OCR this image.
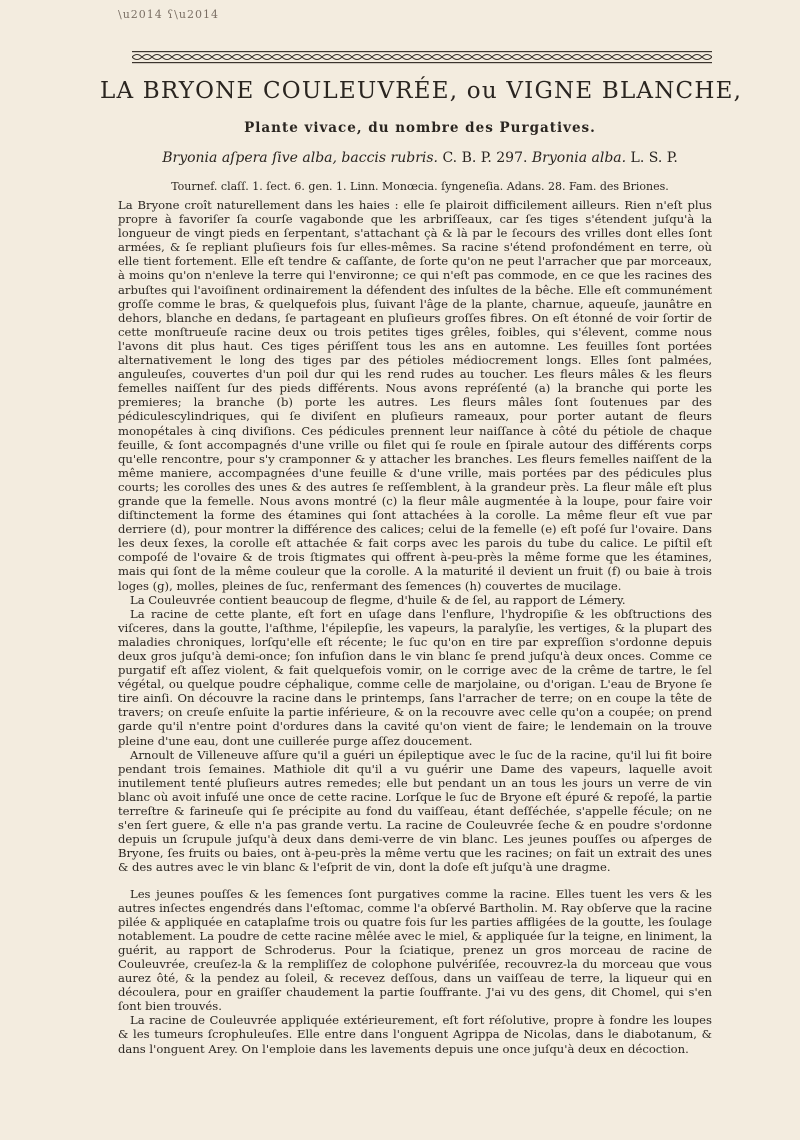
\u2014 ʕ\u2014
LA BRYONE COULEUVRÉE, ou VIGNE BLANCHE,
Plante vivace, du nombre des Purgatives.
Bryonia aſpera ſive alba, baccis rubris. C. B. P. 297. Bryonia alba. L. S. P.
Tournef. claſſ. 1. ſect. 6. gen. 1. Linn. Monœcia. ſyngeneſia. Adans. 28. Fam. des Briones.

La Bryone croît naturellement dans les haies : elle ſe plairoit difficilement ailleurs. Rien n'eſt plus propre à favoriſer ſa courſe vagabonde que les arbriſſeaux, car ſes tiges s'étendent juſqu'à la longueur de vingt pieds en ſerpentant, s'attachant çà & là par le ſecours des vrilles dont elles ſont armées, & ſe repliant pluſieurs fois ſur elles-mêmes. Sa racine s'étend profondément en terre, où elle tient fortement. Elle eſt tendre & caſſante, de ſorte qu'on ne peut l'arracher que par morceaux, à moins qu'on n'enleve la terre qui l'environne; ce qui n'eſt pas commode, en ce que les racines des arbuſtes qui l'avoiſinent ordinairement la défendent des inſultes de la bêche. Elle eſt communément groſſe comme le bras, & quelquefois plus, ſuivant l'âge de la plante, charnue, aqueuſe, jaunâtre en dehors, blanche en dedans, ſe partageant en pluſieurs groſſes fibres. On eſt étonné de voir ſortir de cette monſtrueuſe racine deux ou trois petites tiges grêles, foibles, qui s'élevent, comme nous l'avons dit plus haut. Ces tiges périſſent tous les ans en automne. Les feuilles ſont portées alternativement le long des tiges par des pétioles médiocrement longs. Elles ſont palmées, anguleuſes, couvertes d'un poil dur qui les rend rudes au toucher. Les fleurs mâles & les fleurs femelles naiſſent ſur des pieds différents. Nous avons repréſenté (a) la branche qui porte les premieres; la branche (b) porte les autres. Les fleurs mâles ſont ſoutenues par des pédiculescylindriques, qui ſe diviſent en pluſieurs rameaux, pour porter autant de fleurs monopétales à cinq diviſions. Ces pédicules prennent leur naiſſance à côté du pétiole de chaque feuille, & ſont accompagnés d'une vrille ou filet qui ſe roule en ſpirale autour des différents corps qu'elle rencontre, pour s'y cramponner & y attacher les branches. Les fleurs femelles naiſſent de la même maniere, accompagnées d'une feuille & d'une vrille, mais portées par des pédicules plus courts; les corolles des unes & des autres ſe reſſemblent, à la grandeur près. La fleur mâle eſt plus grande que la femelle. Nous avons montré (c) la fleur mâle augmentée à la loupe, pour faire voir diſtinctement la forme des étamines qui ſont attachées à la corolle. La même fleur eſt vue par derriere (d), pour montrer la différence des calices; celui de la femelle (e) eſt poſé ſur l'ovaire. Dans les deux ſexes, la corolle eſt attachée & fait corps avec les parois du tube du calice. Le piſtil eſt compoſé de l'ovaire & de trois ſtigmates qui offrent à-peu-près la même forme que les étamines, mais qui ſont de la même couleur que la corolle. A la maturité il devient un fruit (f) ou baie à trois loges (g), molles, pleines de ſuc, renfermant des ſemences (h) couvertes de mucilage.

La Couleuvrée contient beaucoup de flegme, d'huile & de ſel, au rapport de Lémery.

La racine de cette plante, eſt fort en uſage dans l'enflure, l'hydropiſie & les obſtructions des viſceres, dans la goutte, l'aſthme, l'épilepſie, les vapeurs, la paralyſie, les vertiges, & la plupart des maladies chroniques, lorſqu'elle eſt récente; le ſuc qu'on en tire par expreſſion s'ordonne depuis deux gros juſqu'à demi-once; ſon infuſion dans le vin blanc ſe prend juſqu'à deux onces. Comme ce purgatif eſt aſſez violent, & fait quelquefois vomir, on le corrige avec de la crême de tartre, le ſel végétal, ou quelque poudre céphalique, comme celle de marjolaine, ou d'origan. L'eau de Bryone ſe tire ainſi. On découvre la racine dans le printemps, ſans l'arracher de terre; on en coupe la tête de travers; on creuſe enſuite la partie inférieure, & on la recouvre avec celle qu'on a coupée; on prend garde qu'il n'entre point d'ordures dans la cavité qu'on vient de faire; le lendemain on la trouve pleine d'une eau, dont une cuillerée purge aſſez doucement.

Arnoult de Villeneuve aſſure qu'il a guéri un épileptique avec le ſuc de la racine, qu'il lui fit boire pendant trois ſemaines. Mathiole dit qu'il a vu guérir une Dame des vapeurs, laquelle avoit inutilement tenté pluſieurs autres remedes; elle but pendant un an tous les jours un verre de vin blanc où avoit infuſé une once de cette racine. Lorſque le ſuc de Bryone eſt épuré & repoſé, la partie terreſtre & farineuſe qui ſe précipite au fond du vaiſſeau, étant deſſéchée, s'appelle fécule; on ne s'en ſert guere, & elle n'a pas grande vertu. La racine de Couleuvrée ſeche & en poudre s'ordonne depuis un ſcrupule juſqu'à deux dans demi-verre de vin blanc. Les jeunes pouſſes ou aſperges de Bryone, ſes fruits ou baies, ont à-peu-près la même vertu que les racines; on fait un extrait des unes & des autres avec le vin blanc & l'eſprit de vin, dont la doſe eſt juſqu'à une dragme.

Les jeunes pouſſes & les ſemences ſont purgatives comme la racine. Elles tuent les vers & les autres inſectes engendrés dans l'eſtomac, comme l'a obſervé Bartholin. M. Ray obſerve que la racine pilée & appliquée en cataplaſme trois ou quatre fois ſur les parties affligées de la goutte, les ſoulage notablement. La poudre de cette racine mêlée avec le miel, & appliquée ſur la teigne, en liniment, la guérit, au rapport de Schroderus. Pour la ſciatique, prenez un gros morceau de racine de Couleuvrée, creuſez-la & la rempliſſez de colophone pulvériſée, recouvrez-la du morceau que vous aurez ôté, & la pendez au ſoleil, & recevez deſſous, dans un vaiſſeau de terre, la liqueur qui en découlera, pour en graiſſer chaudement la partie ſouffrante. J'ai vu des gens, dit Chomel, qui s'en ſont bien trouvés.

La racine de Couleuvrée appliquée extérieurement, eſt fort réſolutive, propre à fondre les loupes & les tumeurs ſcrophuleuſes. Elle entre dans l'onguent Agrippa de Nicolas, dans le diabotanum, & dans l'onguent Arey. On l'emploie dans les lavements depuis une once juſqu'à deux en décoction.
